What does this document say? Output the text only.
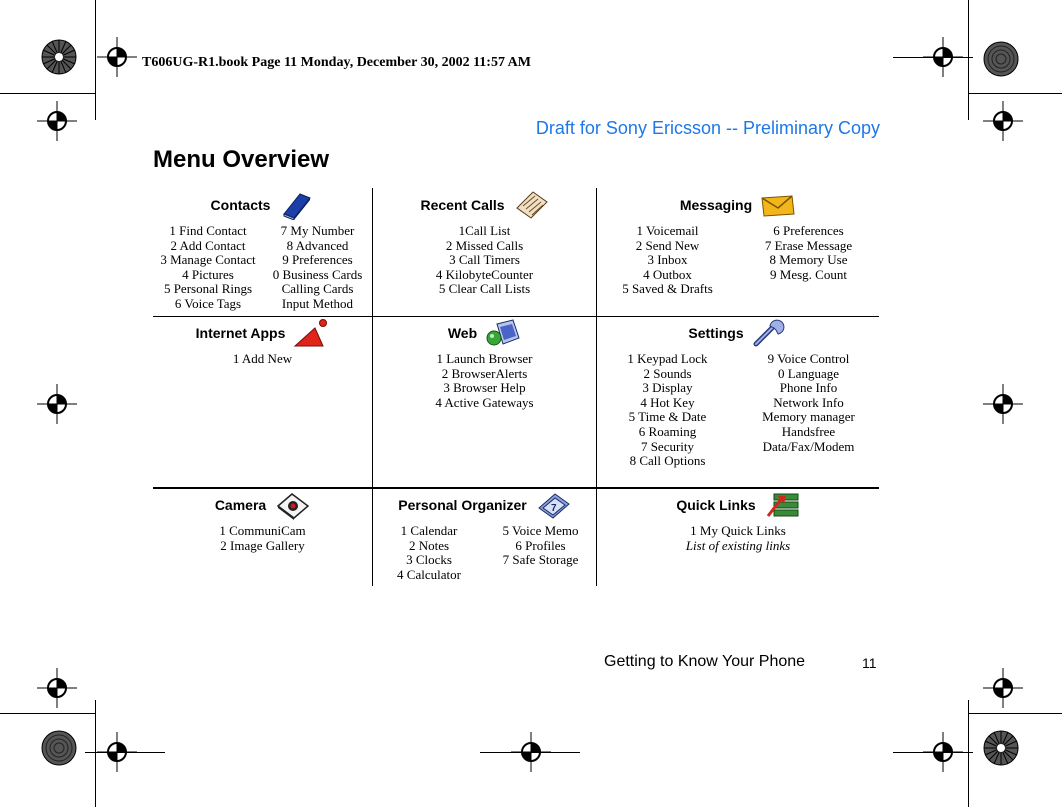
T606UG-R1.book Page 11 Monday, December 30, 2002 11:57 AM
Draft for Sony Ericsson -- Preliminary Copy
Menu Overview
Contacts
1 Find Contact
2 Add Contact
3 Manage Contact
4 Pictures
5 Personal Rings
6 Voice Tags
7 My Number
8 Advanced
9 Preferences
0 Business Cards
Calling Cards
Input Method
Recent Calls
1Call List
2 Missed Calls
3 Call Timers
4 KilobyteCounter
5 Clear Call Lists
Messaging
1 Voicemail
2 Send New
3 Inbox
4 Outbox
5 Saved & Drafts
6 Preferences
7 Erase Message
8 Memory Use
9 Mesg. Count
Internet Apps
1 Add New
Web
1 Launch Browser
2 BrowserAlerts
3 Browser Help
4 Active Gateways
Settings
1 Keypad Lock
2 Sounds
3 Display
4 Hot Key
5 Time & Date
6 Roaming
7 Security
8 Call Options
9 Voice Control
0 Language
Phone Info
Network Info
Memory manager
Handsfree
Data/Fax/Modem
Camera
1 CommuniCam
2 Image Gallery
Personal Organizer 7
1 Calendar
2 Notes
3 Clocks
4 Calculator
5 Voice Memo
6 Profiles
7 Safe Storage
Quick Links
1 My Quick Links
List of existing links
Getting to Know Your Phone	11
